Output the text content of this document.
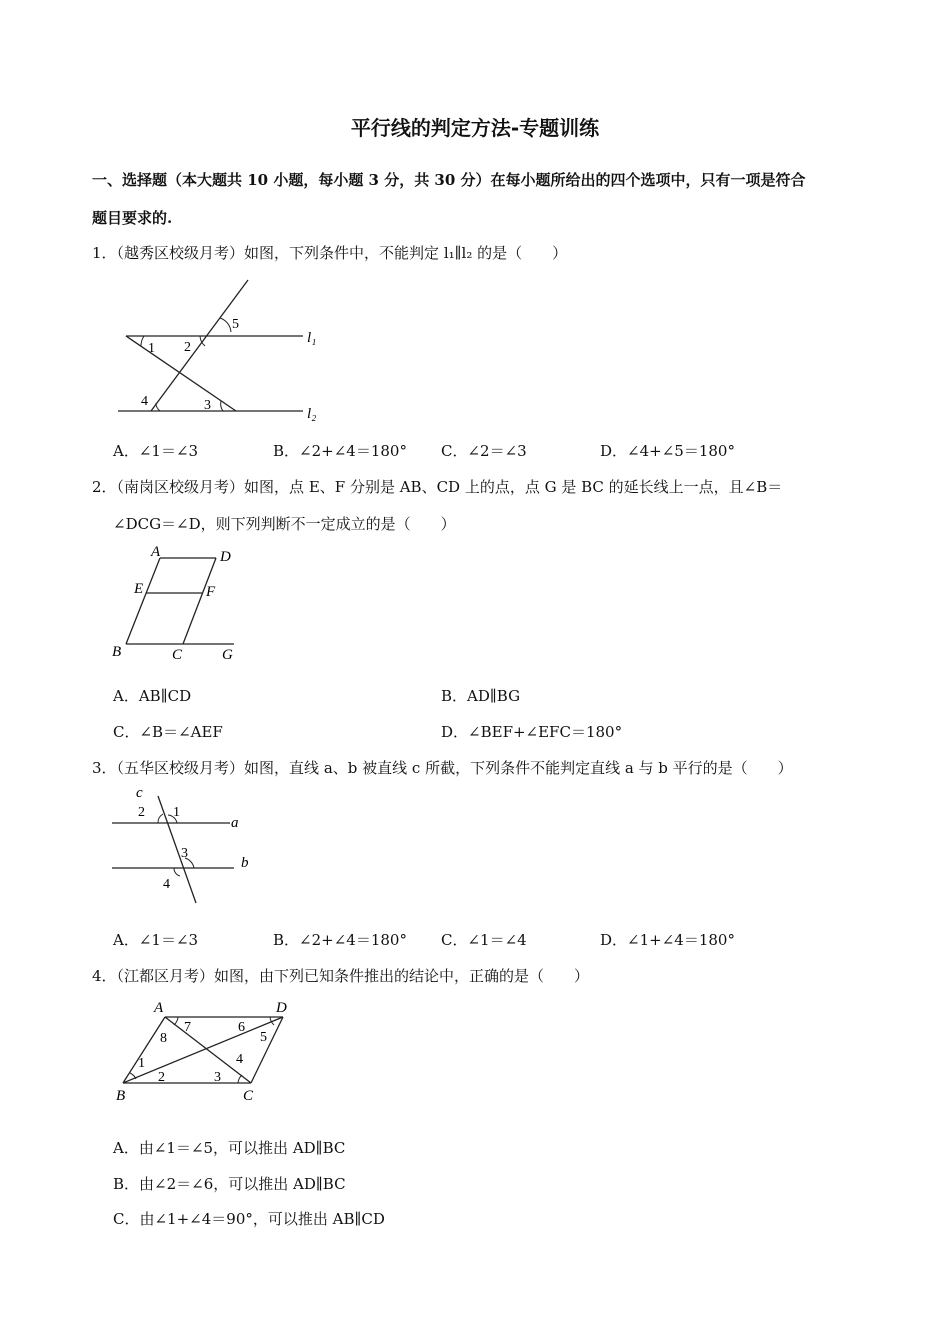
平行线的判定方法-专题训练
一、选择题（本大题共 10 小题，每小题 3 分，共 30 分）在每小题所给出的四个选项中，只有一项是符合
题目要求的.
1．（越秀区校级月考）如图，下列条件中，不能判定 l₁∥l₂ 的是（　　）
1 2
5
4	3
l₁
l₂
A．∠1＝∠3	B．∠2+∠4＝180° C．∠2＝∠3	D．∠4+∠5＝180°
2．（南岗区校级月考）如图，点 E、F 分别是 AB、CD 上的点，点 G 是 BC 的延长线上一点，且∠B＝
∠DCG＝∠D，则下列判断不一定成立的是（　　）
A	D
E	F
B	C	G
A．AB∥CD	B．AD∥BG
C．∠B＝∠AEF	D．∠BEF+∠EFC＝180°
3．（五华区校级月考）如图，直线 a、b 被直线 c 所截，下列条件不能判定直线 a 与 b 平行的是（　　）
c
2 1
a
3
b
4
A．∠1＝∠3	B．∠2+∠4＝180° C．∠1＝∠4	D．∠1+∠4＝180°
4．（江都区月考）如图，由下列已知条件推出的结论中，正确的是（　　）
A	D
B	C
7
8
6
5
1
2	3
4
A．由∠1＝∠5，可以推出 AD∥BC
B．由∠2＝∠6，可以推出 AD∥BC
C．由∠1+∠4＝90°，可以推出 AB∥CD
